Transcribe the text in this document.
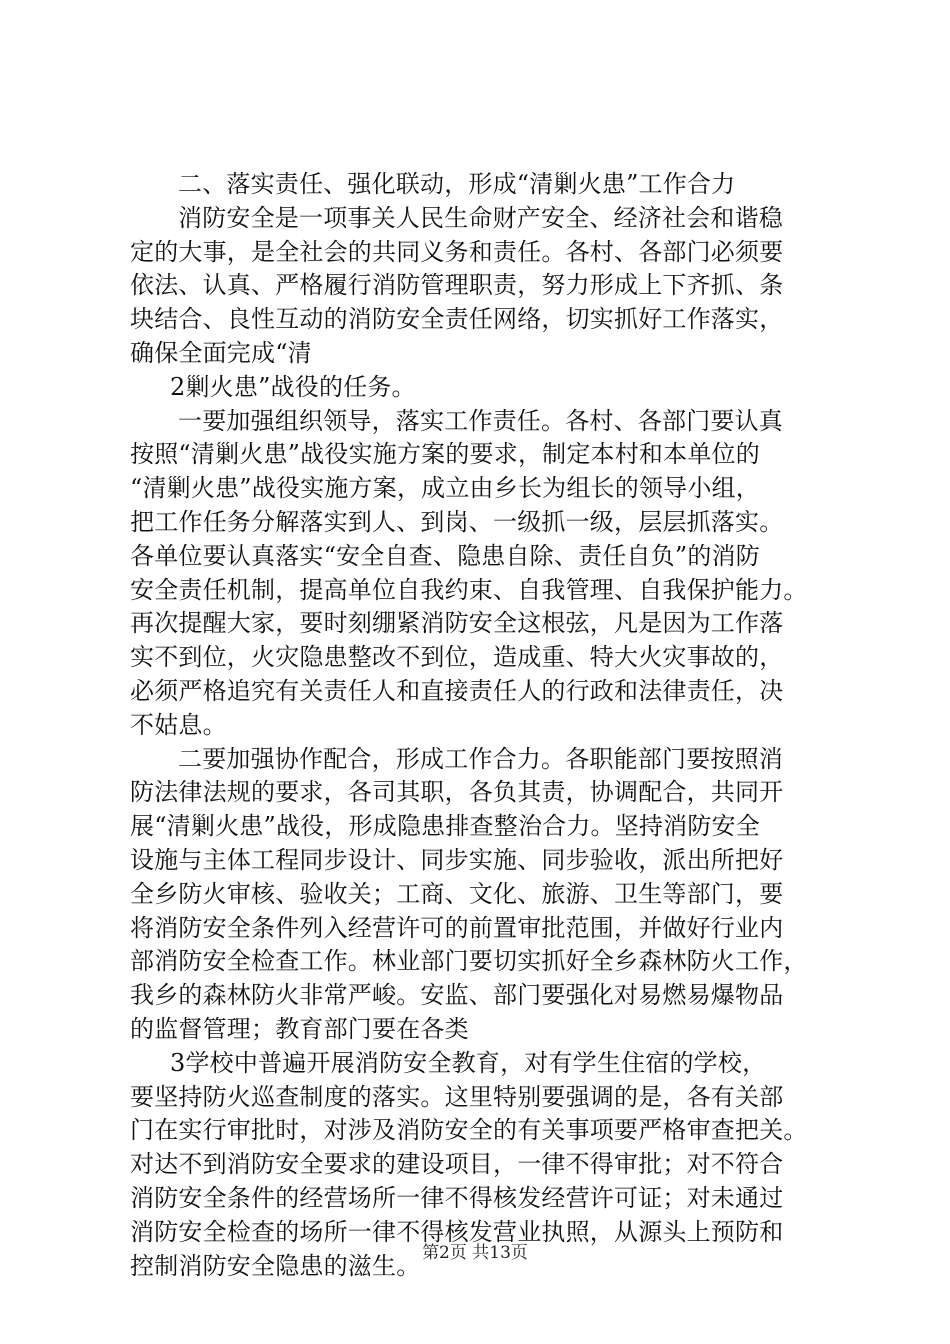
二、落实责任、强化联动，形成“清剿火患”工作合力
消防安全是一项事关人民生命财产安全、经济社会和谐稳
定的大事，是全社会的共同义务和责任。各村、各部门必须要
依法、认真、严格履行消防管理职责，努力形成上下齐抓、条
块结合、良性互动的消防安全责任网络，切实抓好工作落实，
确保全面完成“清
2剿火患”战役的任务。
一要加强组织领导，落实工作责任。各村、各部门要认真
按照“清剿火患”战役实施方案的要求，制定本村和本单位的
“清剿火患”战役实施方案，成立由乡长为组长的领导小组，
把工作任务分解落实到人、到岗、一级抓一级，层层抓落实。
各单位要认真落实“安全自查、隐患自除、责任自负”的消防
安全责任机制，提高单位自我约束、自我管理、自我保护能力。
再次提醒大家，要时刻绷紧消防安全这根弦，凡是因为工作落
实不到位，火灾隐患整改不到位，造成重、特大火灾事故的，
必须严格追究有关责任人和直接责任人的行政和法律责任，决
不姑息。
二要加强协作配合，形成工作合力。各职能部门要按照消
防法律法规的要求，各司其职，各负其责，协调配合，共同开
展“清剿火患”战役，形成隐患排查整治合力。坚持消防安全
设施与主体工程同步设计、同步实施、同步验收，派出所把好
全乡防火审核、验收关；工商、文化、旅游、卫生等部门，要
将消防安全条件列入经营许可的前置审批范围，并做好行业内
部消防安全检查工作。林业部门要切实抓好全乡森林防火工作，
我乡的森林防火非常严峻。安监、部门要强化对易燃易爆物品
的监督管理；教育部门要在各类
3学校中普遍开展消防安全教育，对有学生住宿的学校，
要坚持防火巡查制度的落实。这里特别要强调的是，各有关部
门在实行审批时，对涉及消防安全的有关事项要严格审查把关。
对达不到消防安全要求的建设项目，一律不得审批；对不符合
消防安全条件的经营场所一律不得核发经营许可证；对未通过
消防安全检查的场所一律不得核发营业执照，从源头上预防和
控制消防安全隐患的滋生。 第2页 共13页
